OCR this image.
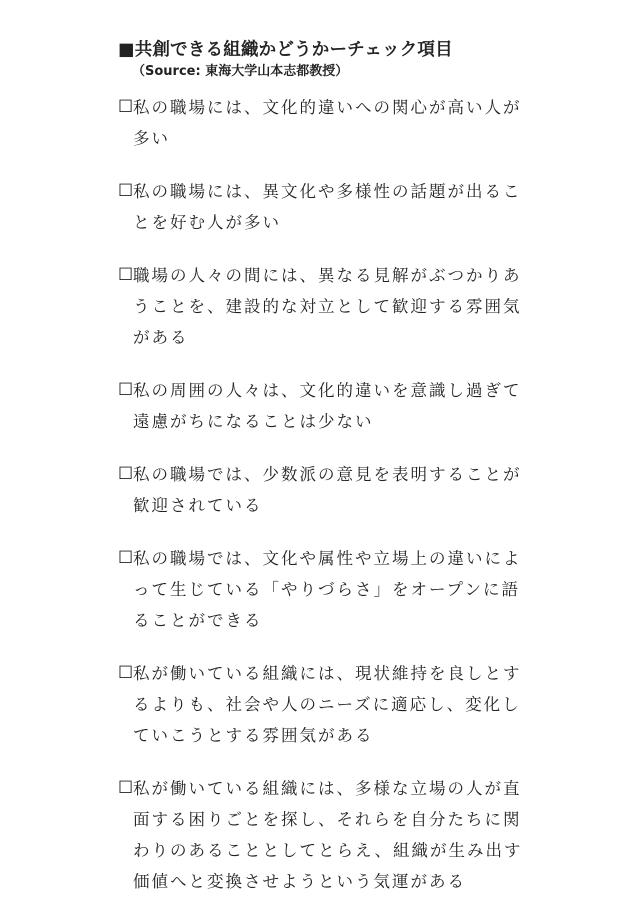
■共創できる組織かどうかーチェック項目
（Source: 東海大学山本志都教授）
☐ 私の職場には、文化的違いへの関心が高い人が多い
☐ 私の職場には、異文化や多様性の話題が出ることを好む人が多い
☐ 職場の人々の間には、異なる見解がぶつかりあうことを、建設的な対立として歓迎する雰囲気がある
☐ 私の周囲の人々は、文化的違いを意識し過ぎて遠慮がちになることは少ない
☐ 私の職場では、少数派の意見を表明することが歓迎されている
☐ 私の職場では、文化や属性や立場上の違いによって生じている「やりづらさ」をオープンに語ることができる
☐ 私が働いている組織には、現状維持を良しとするよりも、社会や人のニーズに適応し、変化していこうとする雰囲気がある
☐ 私が働いている組織には、多様な立場の人が直面する困りごとを探し、それらを自分たちに関わりのあることとしてとらえ、組織が生み出す価値へと変換させようという気運がある
